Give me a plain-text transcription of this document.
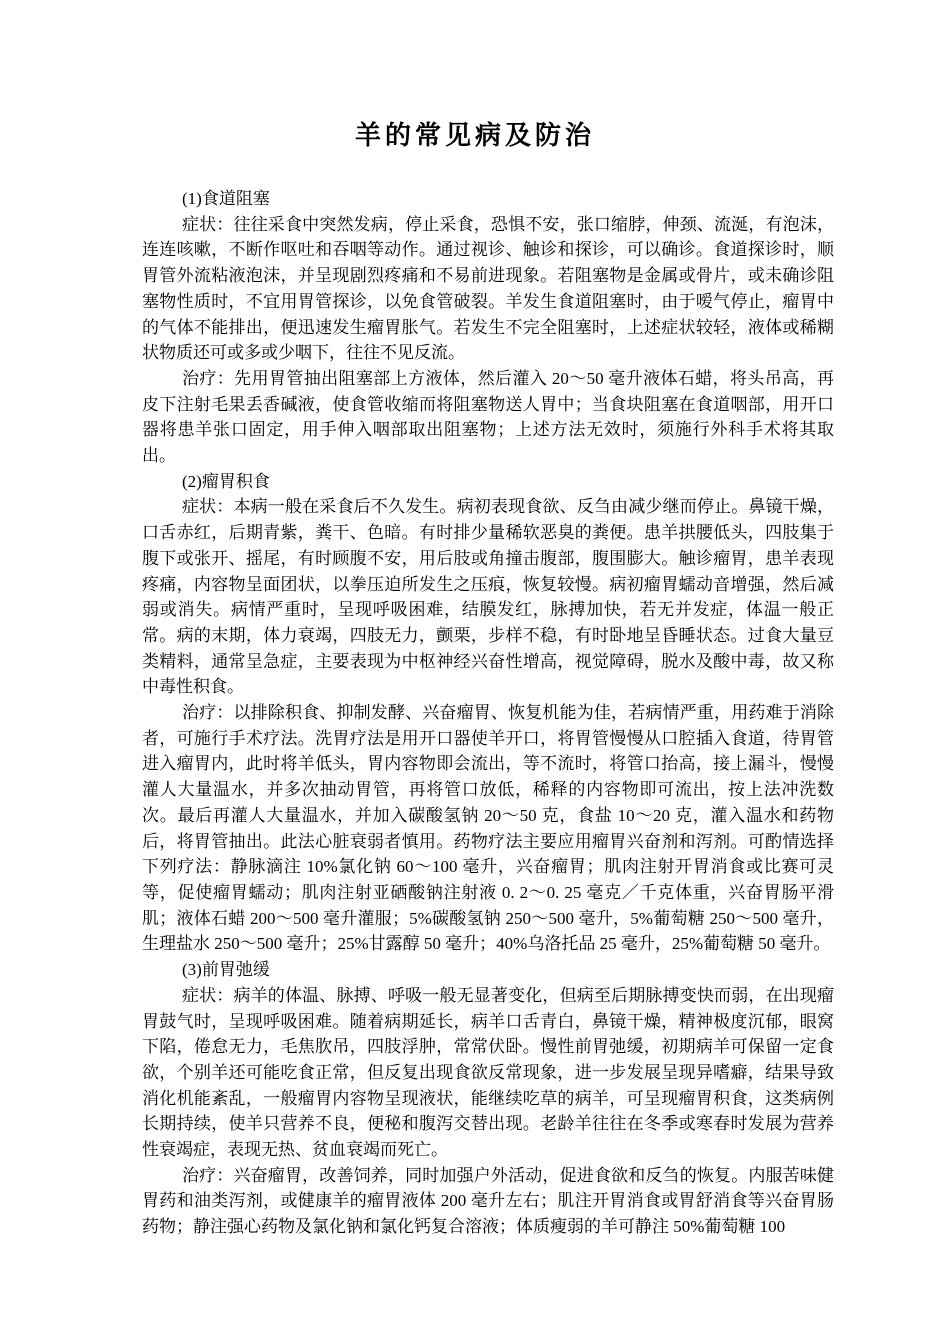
羊的常见病及防治

(1)食道阻塞

症状：往往采食中突然发病，停止采食，恐惧不安，张口缩脖，伸颈、流涎，有泡沫，连连咳嗽，不断作呕吐和吞咽等动作。通过视诊、触诊和探诊，可以确诊。食道探诊时，顺胃管外流粘液泡沫，并呈现剧烈疼痛和不易前进现象。若阻塞物是金属或骨片，或未确诊阻塞物性质时，不宜用胃管探诊，以免食管破裂。羊发生食道阻塞时，由于嗳气停止，瘤胃中的气体不能排出，便迅速发生瘤胃胀气。若发生不完全阻塞时，上述症状较轻，液体或稀糊状物质还可或多或少咽下，往往不见反流。

治疗：先用胃管抽出阻塞部上方液体，然后灌入 20～50 毫升液体石蜡，将头吊高，再皮下注射毛果丢香碱液，使食管收缩而将阻塞物送人胃中；当食块阻塞在食道咽部，用开口器将患羊张口固定，用手伸入咽部取出阻塞物；上述方法无效时，须施行外科手术将其取出。

(2)瘤胃积食

症状：本病一般在采食后不久发生。病初表现食欲、反刍由减少继而停止。鼻镜干燥，口舌赤红，后期青紫，粪干、色暗。有时排少量稀软恶臭的粪便。患羊拱腰低头，四肢集于腹下或张开、摇尾，有时顾腹不安，用后肢或角撞击腹部，腹围膨大。触诊瘤胃，患羊表现疼痛，内容物呈面团状，以拳压迫所发生之压痕，恢复较慢。病初瘤胃蠕动音增强，然后减弱或消失。病情严重时，呈现呼吸困难，结膜发红，脉搏加快，若无并发症，体温一般正常。病的末期，体力衰竭，四肢无力，颤栗，步样不稳，有时卧地呈昏睡状态。过食大量豆类精料，通常呈急症，主要表现为中枢神经兴奋性增高，视觉障碍，脱水及酸中毒，故又称中毒性积食。

治疗：以排除积食、抑制发酵、兴奋瘤胃、恢复机能为佳，若病情严重，用药难于消除者，可施行手术疗法。洗胃疗法是用开口器使羊开口，将胃管慢慢从口腔插入食道，待胃管进入瘤胃内，此时将羊低头，胃内容物即会流出，等不流时，将管口抬高，接上漏斗，慢慢灌人大量温水，并多次抽动胃管，再将管口放低，稀释的内容物即可流出，按上法冲洗数次。最后再灌人大量温水，并加入碳酸氢钠 20～50 克，食盐 10～20 克，灌入温水和药物后，将胃管抽出。此法心脏衰弱者慎用。药物疗法主要应用瘤胃兴奋剂和泻剂。可酌情选择下列疗法：静脉滴注 10%氯化钠 60～100 毫升，兴奋瘤胃；肌肉注射开胃消食或比赛可灵等，促使瘤胃蠕动；肌肉注射亚硒酸钠注射液 0. 2～0. 25 毫克／千克体重，兴奋胃肠平滑肌；液体石蜡 200～500 毫升灌服；5%碳酸氢钠 250～500 毫升，5%葡萄糖 250～500 毫升，生理盐水 250～500 毫升；25%甘露醇 50 毫升；40%乌洛托品 25 毫升，25%葡萄糖 50 毫升。

(3)前胃弛缓

症状：病羊的体温、脉搏、呼吸一般无显著变化，但病至后期脉搏变快而弱，在出现瘤胃鼓气时，呈现呼吸困难。随着病期延长，病羊口舌青白，鼻镜干燥，精神极度沉郁，眼窝下陷，倦怠无力，毛焦肷吊，四肢浮肿，常常伏卧。慢性前胃弛缓，初期病羊可保留一定食欲，个别羊还可能吃食正常，但反复出现食欲反常现象，进一步发展呈现异嗜癖，结果导致消化机能紊乱，一般瘤胃内容物呈现液状，能继续吃草的病羊，可呈现瘤胃积食，这类病例长期持续，使羊只营养不良，便秘和腹泻交替出现。老龄羊往往在冬季或寒春时发展为营养性衰竭症，表现无热、贫血衰竭而死亡。

治疗：兴奋瘤胃，改善饲养，同时加强户外活动，促进食欲和反刍的恢复。内服苦味健胃药和油类泻剂，或健康羊的瘤胃液体 200 毫升左右；肌注开胃消食或胃舒消食等兴奋胃肠药物；静注强心药物及氯化钠和氯化钙复合溶液；体质瘦弱的羊可静注 50%葡萄糖 100
